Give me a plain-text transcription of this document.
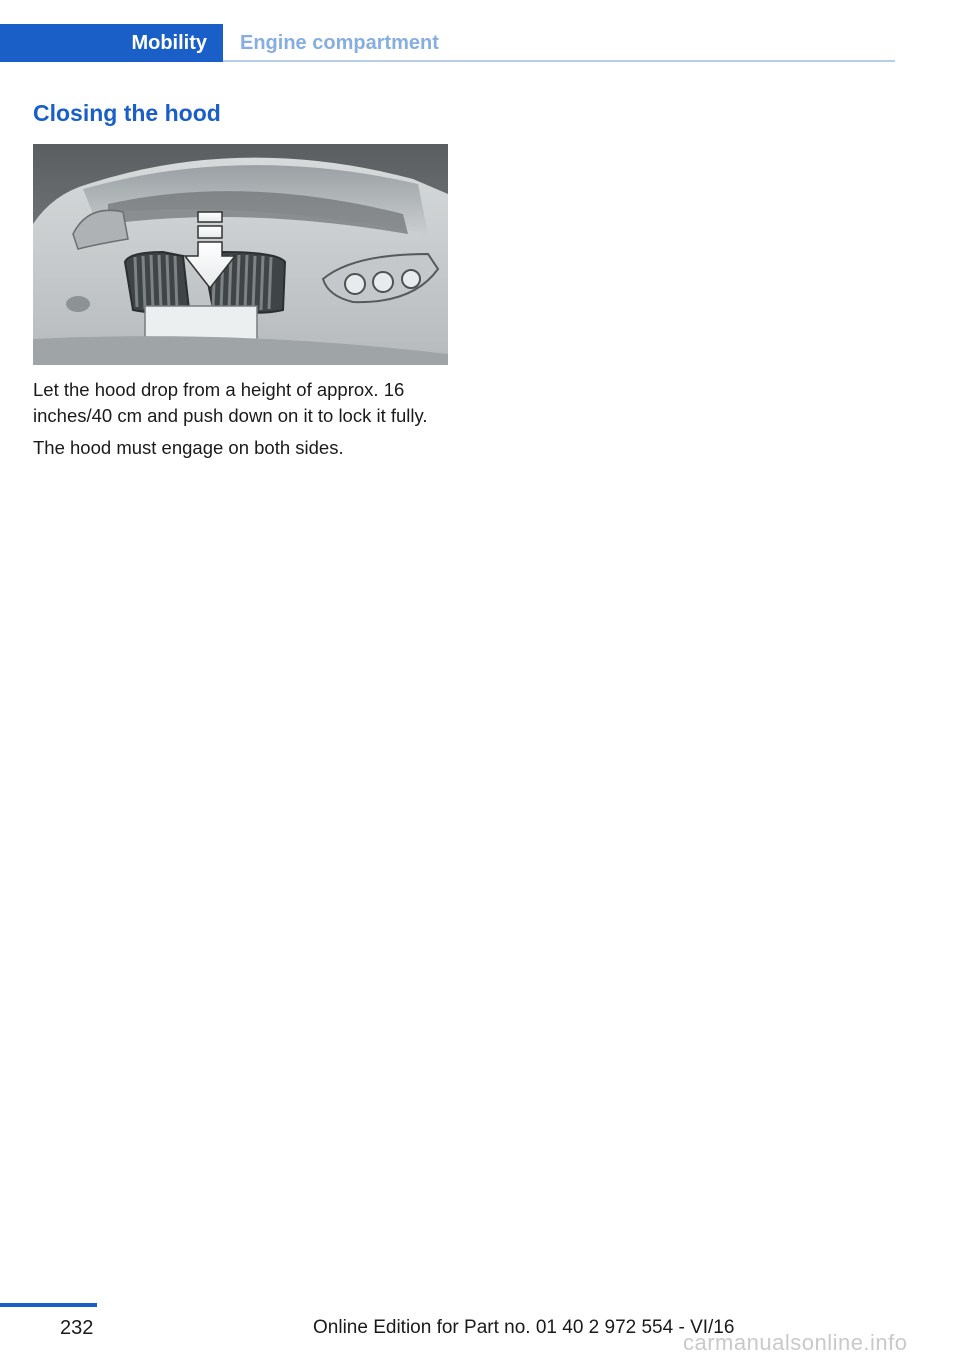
Mobility	Engine compartment
Closing the hood

Let the hood drop from a height of approx. 16 inches/40 cm and push down on it to lock it fully.

The hood must engage on both sides.

232	Online Edition for Part no. 01 40 2 972 554 - VI/16
carmanualsonline.info
